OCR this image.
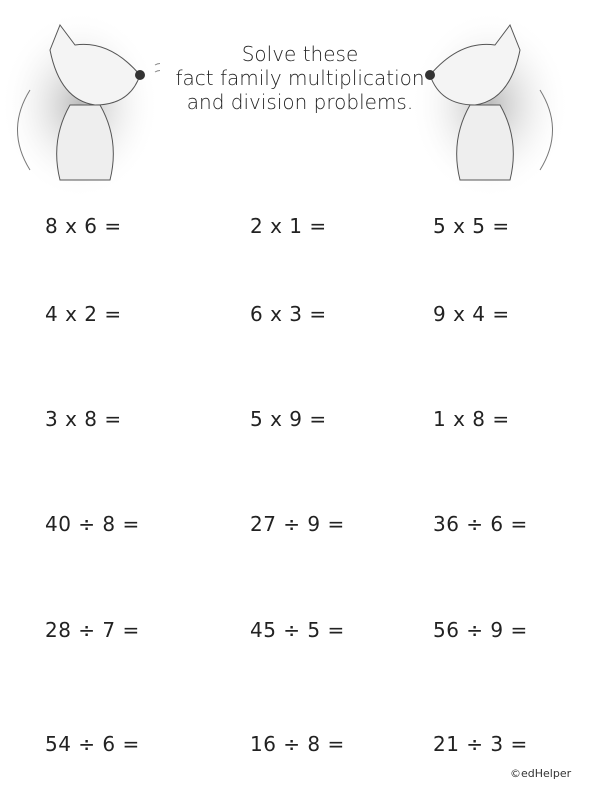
Solve these
fact family multiplication
and division problems.
8 x 6 =	2 x 1 =	5 x 5 =
4 x 2 =	6 x 3 =	9 x 4 =
3 x 8 =	5 x 9 =	1 x 8 =
40 ÷ 8 =	27 ÷ 9 =	36 ÷ 6 =
28 ÷ 7 =	45 ÷ 5 =	56 ÷ 9 =
54 ÷ 6 =	16 ÷ 8 =	21 ÷ 3 =
©edHelper
